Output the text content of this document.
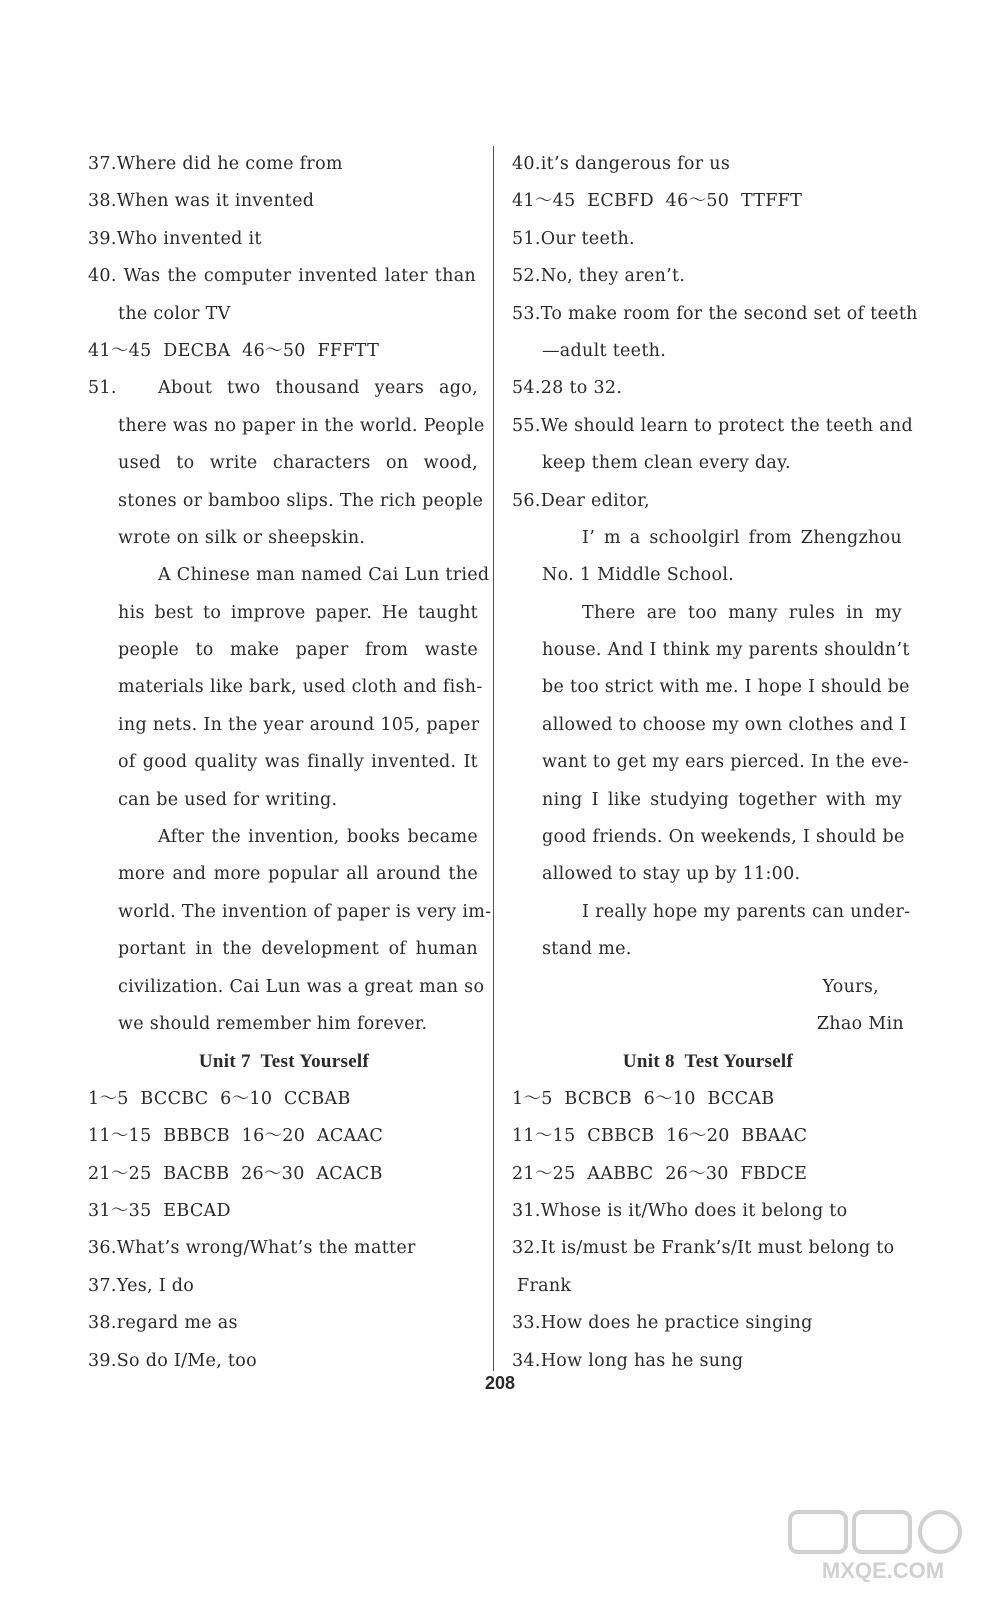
37.Where did he come from
38.When was it invented
39.Who invented it
40. Was the computer invented later than
the color TV
41～45  DECBA  46～50  FFFTT
51.	About two thousand years ago,
there was no paper in the world. People
used to write characters on wood,
stones or bamboo slips. The rich people
wrote on silk or sheepskin.
A Chinese man named Cai Lun tried
his best to improve paper. He taught
people to make paper from waste
materials like bark, used cloth and fish-
ing nets. In the year around 105, paper
of good quality was finally invented. It
can be used for writing.
After the invention, books became
more and more popular all around the
world. The invention of paper is very im-
portant in the development of human
civilization. Cai Lun was a great man so
we should remember him forever.
Unit 7  Test Yourself
1～5  BCCBC  6～10  CCBAB
11～15  BBBCB  16～20  ACAAC
21～25  BACBB  26～30  ACACB
31～35  EBCAD
36.What’s wrong/What’s the matter
37.Yes, I do
38.regard me as
39.So do I/Me, too
40.it’s dangerous for us
41～45  ECBFD  46～50  TTFFT
51.Our teeth.
52.No, they aren’t.
53.To make room for the second set of teeth
—adult teeth.
54.28 to 32.
55.We should learn to protect the teeth and
keep them clean every day.
56.Dear editor,
I’ m a schoolgirl from Zhengzhou
No. 1 Middle School.
There are too many rules in my
house. And I think my parents shouldn’t
be too strict with me. I hope I should be
allowed to choose my own clothes and I
want to get my ears pierced. In the eve-
ning I like studying together with my
good friends. On weekends, I should be
allowed to stay up by 11:00.
I really hope my parents can under-
stand me.
Yours,
Zhao Min
Unit 8  Test Yourself
1～5  BCBCB  6～10  BCCAB
11～15  CBBCB  16～20  BBAAC
21～25  AABBC  26～30  FBDCE
31.Whose is it/Who does it belong to
32.It is/must be Frank’s/It must belong to
Frank
33.How does he practice singing
34.How long has he sung
208
MXQE.COM
